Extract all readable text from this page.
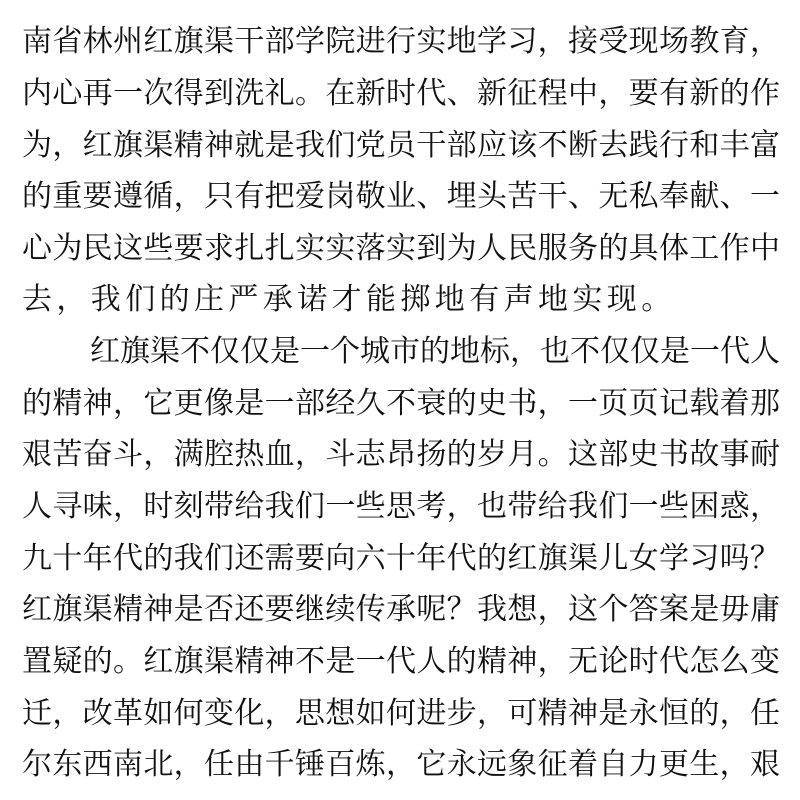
南省林州红旗渠干部学院进行实地学习，接受现场教育，
内心再一次得到洗礼。在新时代、新征程中，要有新的作
为，红旗渠精神就是我们党员干部应该不断去践行和丰富
的重要遵循，只有把爱岗敬业、埋头苦干、无私奉献、一
心为民这些要求扎扎实实落实到为人民服务的具体工作中
去，我们的庄严承诺才能掷地有声地实现。
红旗渠不仅仅是一个城市的地标，也不仅仅是一代人
的精神，它更像是一部经久不衰的史书，一页页记载着那
艰苦奋斗，满腔热血，斗志昂扬的岁月。这部史书故事耐
人寻味，时刻带给我们一些思考，也带给我们一些困惑，
九十年代的我们还需要向六十年代的红旗渠儿女学习吗？
红旗渠精神是否还要继续传承呢？我想，这个答案是毋庸
置疑的。红旗渠精神不是一代人的精神，无论时代怎么变
迁，改革如何变化，思想如何进步，可精神是永恒的，任
尔东西南北，任由千锤百炼，它永远象征着自力更生，艰
